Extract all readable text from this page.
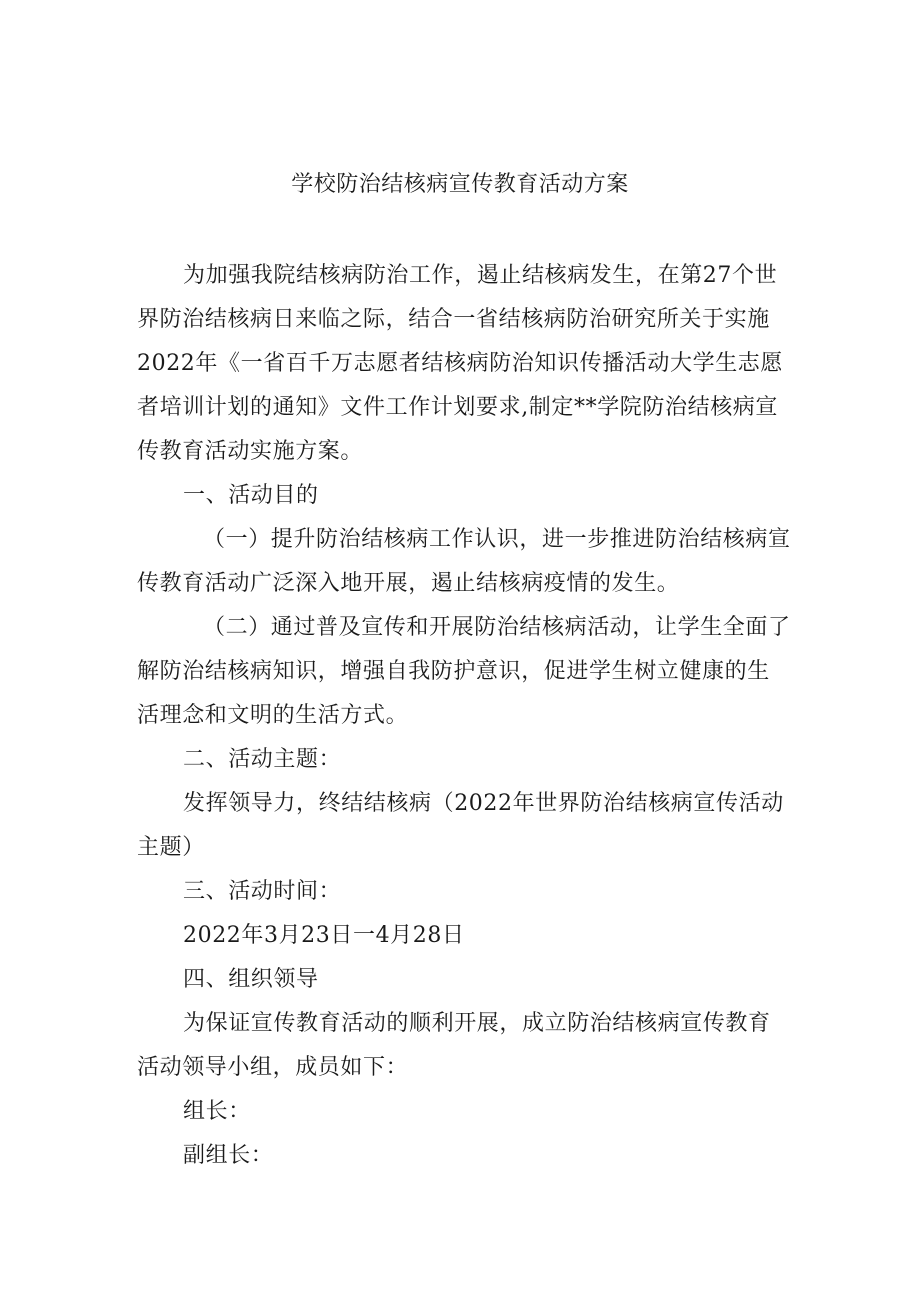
学校防治结核病宣传教育活动方案

为加强我院结核病防治工作，遏止结核病发生，在第27个世界防治结核病日来临之际，结合一省结核病防治研究所关于实施2022年《一省百千万志愿者结核病防治知识传播活动大学生志愿者培训计划的通知》文件工作计划要求,制定**学院防治结核病宣传教育活动实施方案。

一、活动目的

（一）提升防治结核病工作认识，进一步推进防治结核病宣传教育活动广泛深入地开展，遏止结核病疫情的发生。

（二）通过普及宣传和开展防治结核病活动，让学生全面了解防治结核病知识，增强自我防护意识，促进学生树立健康的生活理念和文明的生活方式。

二、活动主题：

发挥领导力，终结结核病（2022年世界防治结核病宣传活动主题）

三、活动时间：

2022年3月23日一4月28日

四、组织领导

为保证宣传教育活动的顺利开展，成立防治结核病宣传教育活动领导小组，成员如下：

组长：

副组长：
